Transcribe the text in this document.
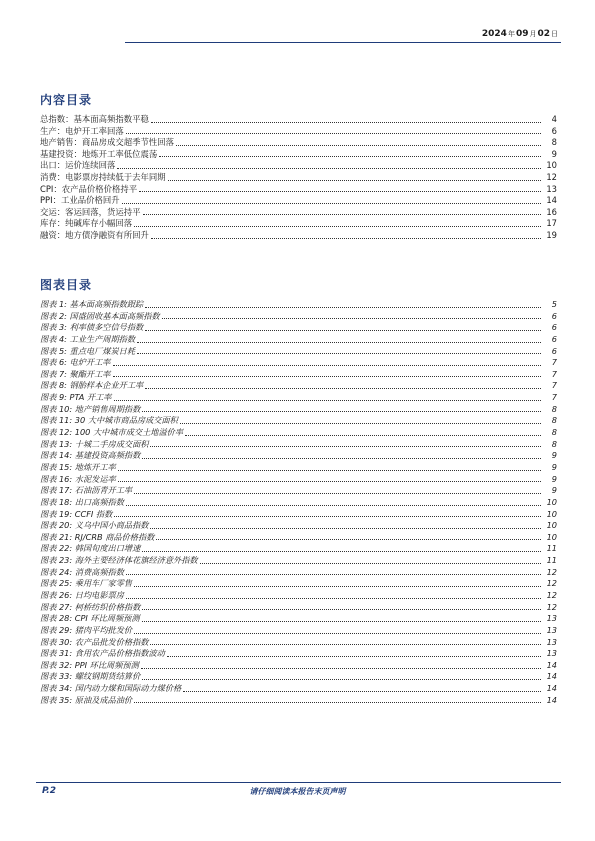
2024年09月02日
内容目录
总指数：基本面高频指数平稳	4
生产：电炉开工率回落	6
地产销售：商品房成交超季节性回落	8
基建投资：地炼开工率低位震荡	9
出口：运价连续回落	10
消费：电影票房持续低于去年同期	12
CPI：农产品价格价格持平	13
PPI：工业品价格回升	14
交运：客运回落，货运持平	16
库存：纯碱库存小幅回落	17
融资：地方债净融资有所回升	19
图表目录
图表 1: 基本面高频指数跟踪	5
图表 2: 国盛固收基本面高频指数	6
图表 3: 利率债多空信号指数	6
图表 4: 工业生产周期指数	6
图表 5: 重点电厂煤炭日耗	6
图表 6: 电炉开工率	7
图表 7: 聚酯开工率	7
图表 8: 钢胎样本企业开工率	7
图表 9: PTA 开工率	7
图表 10: 地产销售周期指数	8
图表 11: 30 大中城市商品房成交面积	8
图表 12: 100 大中城市成交土地溢价率	8
图表 13: 十城二手房成交面积	8
图表 14: 基建投资高频指数	9
图表 15: 地炼开工率	9
图表 16: 水泥发运率	9
图表 17: 石油沥青开工率	9
图表 18: 出口高频指数	10
图表 19: CCFI 指数	10
图表 20: 义乌中国小商品指数	10
图表 21: RJ/CRB 商品价格指数	10
图表 22: 韩国旬度出口增速	11
图表 23: 海外主要经济体花旗经济意外指数	11
图表 24: 消费高频指数	12
图表 25: 乘用车厂家零售	12
图表 26: 日均电影票房	12
图表 27: 柯桥纺织价格指数	12
图表 28: CPI 环比周频预测	13
图表 29: 猪肉平均批发价	13
图表 30: 农产品批发价格指数	13
图表 31: 食用农产品价格指数波动	13
图表 32: PPI 环比周频预测	14
图表 33: 螺纹钢期货结算价	14
图表 34: 国内动力煤和国际动力煤价格	14
图表 35: 原油及成品油价	14
P.2	请仔细阅读本报告末页声明
